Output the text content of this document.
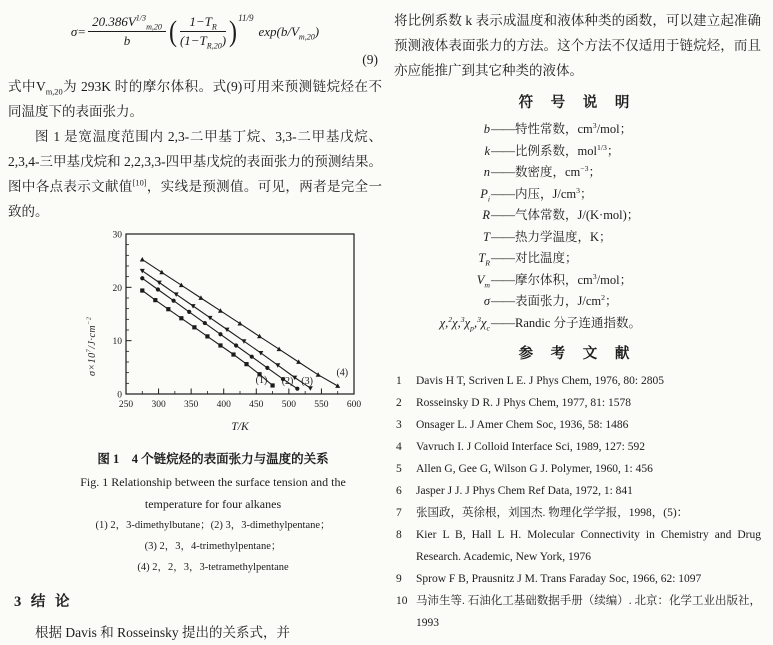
$\sigma= \frac{20.386V^{1/3}_{m,20}}{b}$ ( $\frac{1-T_R}{(1-T_{R,20})}$ ) 11/9
$\exp(b/V_{m,20})$
(9)

式中$V_{m,20}$为 293K 时的摩尔体积。式(9)可用来预测链烷烃在不同温度下的表面张力。

图 1 是宽温度范围内 2,3-二甲基丁烷、3,3-二甲基戊烷、2,3,4-三甲基戊烷和 2,2,3,3-四甲基戊烷的表面张力的预测结果。图中各点表示文献值[10]，实线是预测值。可见，两者是完全一致的。

250 300 350 400 450 500 550 600
0
10
20
30
(1) (2) (3)
(4)
T/K
$\sigma\times 10^7/J\cdot cm^{-2}$
图 1　4 个链烷烃的表面张力与温度的关系
Fig. 1 Relationship between the surface tension and the temperature for four alkanes
(1) 2，3-dimethylbutane；(2) 3，3-dimethylpentane；
(3) 2，3，4-trimethylpentane；
(4) 2，2，3，3-tetramethylpentane
3 结 论

根据 Davis 和 Rosseinsky 提出的关系式，并

将比例系数 k 表示成温度和液体种类的函数，可以建立起准确预测液体表面张力的方法。这个方法不仅适用于链烷烃，而且亦应能推广到其它种类的液体。

符 号 说 明
b —— 特性常数，$cm^3$/mol；
k —— 比例系数，mol$^{1/3}$；
n —— 数密度，$cm^{-3}$；
$P_i$ —— 内压，$J/cm^3$；
R —— 气体常数，J/(K·mol)；
T —— 热力学温度，K；
$T_R$ —— 对比温度；
$V_m$ —— 摩尔体积，$cm^3$/mol；
σ —— 表面张力，$J/cm^2$；
$\chi,^2\chi,^3\chi_p,^3\chi_c$ —— Randic 分子连通指数。
参 考 文 献
1	Davis H T, Scriven L E. J Phys Chem, 1976, 80: 2805
2	Rosseinsky D R. J Phys Chem, 1977, 81: 1578
3	Onsager L. J Amer Chem Soc, 1936, 58: 1486
4	Vavruch I. J Colloid Interface Sci, 1989, 127: 592
5	Allen G, Gee G, Wilson G J. Polymer, 1960, 1: 456
6	Jasper J J. J Phys Chem Ref Data, 1972, 1: 841
7	张国政，英徐根，刘国杰. 物理化学学报，1998，(5)：
8	Kier L B, Hall L H. Molecular Connectivity in Chemistry and Drug Research. Academic, New York, 1976
9	Sprow F B, Prausnitz J M. Trans Faraday Soc, 1966, 62: 1097
10 马沛生等. 石油化工基础数据手册（续编）. 北京：化学工业出版社，1993
